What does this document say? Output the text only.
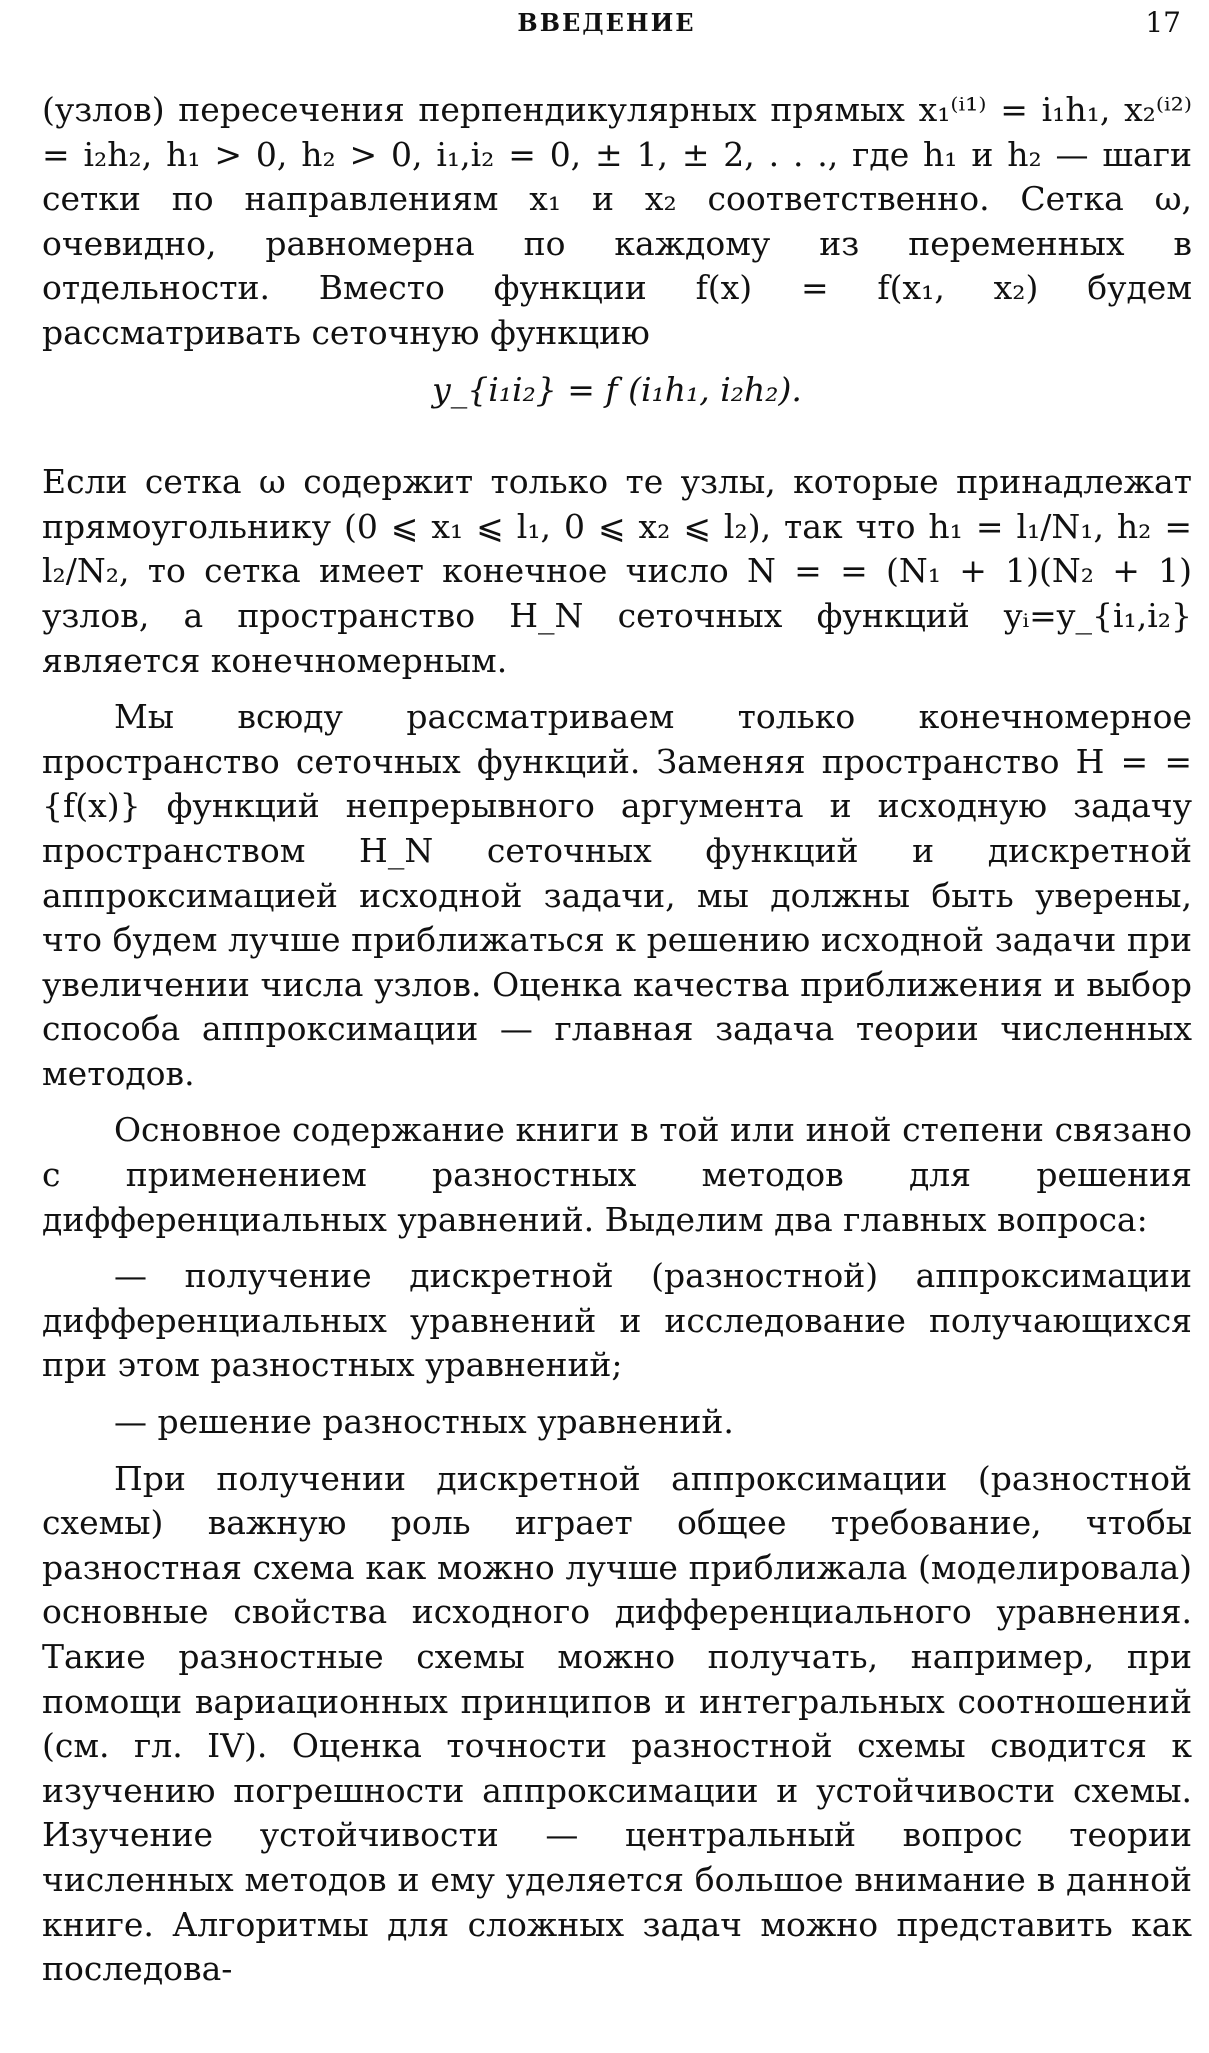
ВВЕДЕНИЕ	17

(узлов) пересечения перпендикулярных прямых x₁⁽ⁱ¹⁾ = i₁h₁, x₂⁽ⁱ²⁾ = i₂h₂, h₁ > 0, h₂ > 0, i₁,i₂ = 0, ± 1, ± 2, . . ., где h₁ и h₂ — шаги сетки по направлениям x₁ и x₂ соответственно. Сетка ω, очевидно, равномерна по каждому из переменных в отдельности. Вместо функции f(x) = f(x₁, x₂) будем рассматривать сеточную функцию

y_{i₁i₂} = f (i₁h₁, i₂h₂).

Если сетка ω содержит только те узлы, которые принадлежат прямоугольнику (0 ⩽ x₁ ⩽ l₁, 0 ⩽ x₂ ⩽ l₂), так что h₁ = l₁/N₁, h₂ = l₂/N₂, то сетка имеет конечное число N = = (N₁ + 1)(N₂ + 1) узлов, а пространство H_N сеточных функций yᵢ=y_{i₁,i₂} является конечномерным.

Мы всюду рассматриваем только конечномерное пространство сеточных функций. Заменяя пространство H = = {f(x)} функций непрерывного аргумента и исходную задачу пространством H_N сеточных функций и дискретной аппроксимацией исходной задачи, мы должны быть уверены, что будем лучше приближаться к решению исходной задачи при увеличении числа узлов. Оценка качества приближения и выбор способа аппроксимации — главная задача теории численных методов.

Основное содержание книги в той или иной степени связано с применением разностных методов для решения дифференциальных уравнений. Выделим два главных вопроса:

— получение дискретной (разностной) аппроксимации дифференциальных уравнений и исследование получающихся при этом разностных уравнений;

— решение разностных уравнений.

При получении дискретной аппроксимации (разностной схемы) важную роль играет общее требование, чтобы разностная схема как можно лучше приближала (моделировала) основные свойства исходного дифференциального уравнения. Такие разностные схемы можно получать, например, при помощи вариационных принципов и интегральных соотношений (см. гл. IV). Оценка точности разностной схемы сводится к изучению погрешности аппроксимации и устойчивости схемы. Изучение устойчивости — центральный вопрос теории численных методов и ему уделяется большое внимание в данной книге. Алгоритмы для сложных задач можно представить как последова-
